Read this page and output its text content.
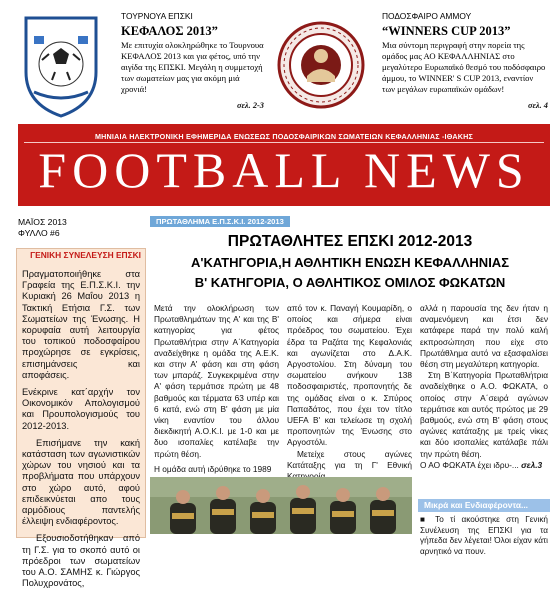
ΤΟΥΡΝΟΥΑ ΕΠΣΚΙ
ΚΕΦΑΛΟΣ 2013”
Με επιτυχία ολοκληρώθηκε το Τουρνουα ΚΕΦΑΛΟΣ 2013 και για φέτος, υπό την αιγίδα της ΕΠΣΚΙ. Μεγάλη η συμμετοχή των σωματείων μας για ακόμη μιά χρονιά!
σελ. 2-3
ΠΟΔΟΣΦΑΙΡΟ ΑΜΜΟΥ
“WINNERS CUP 2013”
Μια σύντομη περιγραφή στην πορεία της ομάδος μας ΑΟ ΚΕΦΑΛΛΗΝΙΑΣ στο μεγαλύτερο Ευρωπαϊκό θεσμό του ποδόσφαιρο άμμου, το WINNER' S CUP 2013, εναντίον των μεγάλων ευρωπαϊκών ομάδων!
σελ. 4
ΜΗΝΙΑΙΑ ΗΛΕΚΤΡΟΝΙΚΗ ΕΦΗΜΕΡΙΔΑ ΕΝΩΣΕΩΣ ΠΟΔΟΣΦΑΙΡΙΚΩΝ ΣΩΜΑΤΕΙΩΝ ΚΕΦΑΛΛΗΝΙΑΣ -ΙΘΑΚΗΣ
FOOTBALL NEWS
ΜΑΪΟΣ 2013
ΦΥΛΛΟ #6
ΓΕΝΙΚΗ ΣΥΝΕΛΕΥΣΗ ΕΠΣΚΙ

Πραγματοποιήθηκε στα Γραφεία της Ε.Π.Σ.Κ.Ι. την Κυριακή 26 Μαΐου 2013 η Τακτική Ετήσια Γ.Σ. των Σωματείων της Ένωσης. Η κορυφαία αυτή λειτουργία του τοπικού ποδοσφαίρου προχώρησε σε εγκρίσεις, επισημάνσεις και αποφάσεις.

Ενέκρινε κατ΄αρχήν τον Οικονομικόν Απολογισμού και Προυπολογισμούς του 2012-2013.

Επισήμανε την κακή κατάσταση των αγωνιστικών χώρων του νησιού και τα προβλήματα που υπάρχουν στο χώρο αυτό, αφού επιδεικνύεται απο τους αρμόδιους παντελής έλλειψη ενδιαφέροντος.

Εξουσιοδοτήθηκαν από τη Γ.Σ. για το σκοπό αυτό οι πρόεδροι των σωματείων του Α.Ο. ΣΑΜΗΣ κ. Γιώργος Πολυχρονάτος,

ΠΡΩΤΑΘΛΗΜΑ Ε.Π.Σ.Κ.Ι. 2012-2013
ΠΡΩΤΑΘΛΗΤΕΣ ΕΠΣΚΙ 2012-2013
Α'ΚΑΤΗΓΟΡΙΑ,Η ΑΘΛΗΤΙΚΗ ΕΝΩΣΗ ΚΕΦΑΛΛΗΝΙΑΣ
Β' ΚΑΤΗΓΟΡΙΑ, Ο ΑΘΛΗΤΙΚΟΣ ΟΜΙΛΟΣ ΦΩΚΑΤΩΝ
Μετά την ολοκλήρωση των Πρωταθλημάτων της Α' και της Β' κατηγορίας για φέτος Πρωταθλήτρια στην Α΄Κατηγορία αναδείχθηκε η ομάδα της Α.Ε.Κ. και στην Α' φάση και στη φάση των μπαράζ. Συγκεκριμένα στην Α' φάση τερμάτισε πρώτη με 48 βαθμούς και τέρματα 63 υπέρ και 6 κατά, ενώ στη Β' φάση με μία νίκη εναντίον του άλλου διεκδικητή Α.Ο.Κ.Ι. με 1-0 και με δυο ισοπαλίες κατέλαβε την πρώτη θέση.
Η ομάδα αυτή ιδρύθηκε το 1989
από τον κ. Παναγή Κουμαρίδη, ο οποίος και σήμερα είναι πρόεδρος του σωματείου. Έχει έδρα τα Ραζάτα της Κεφαλονιάς και αγωνίζεται στο Δ.Α.Κ. Αργοστολίου. Στη δύναμη του σωματείου ανήκουν 138 ποδοσφαιριστές, προπονητής δε της ομάδας είναι ο κ. Σπύρος Παπαδάτος, που έχει τον τίτλο UEFA B' και τελείωσε τη σχολή προπονητών της Ένωσης στο Αργοστόλι.
Μετείχε στους αγώνες Κατάταξης για τη Γ' Εθνική
αλλά η παρουσία της δεν ήταν η αναμενόμενη και έτσι δεν κατάφερε παρά την πολύ καλή εκπροσώπηση που είχε στο Πρωτάθλημα αυτό να εξασφαλίσει θέση στη μεγαλύτερη κατηγορία.
Στη Β΄Κατηγορία Πρωταθλήτρια αναδείχθηκε ο Α.Ο. ΦΩΚΑΤΑ, ο οποίος στην Α΄σειρά αγώνων τερμάτισε και αυτός πρώτος με 29 βαθμούς, ενώ στη Β' φάση στους αγώνες κατάταξης με τρείς νίκες και δύο ισοπαλίες κατάλαβε πάλι την πρώτη θέση.
Ο ΑΟ ΦΩΚΑΤΑ έχει ιδρυ-... σελ.3
Μικρά και Ενδιαφέροντα...
■ Το τί ακούστηκε στη Γενική Συνέλευση της ΕΠΣΚΙ για τα γήπεδα δεν λέγεται! Όλοι είχαν κάτι αρνητικό να πουν.
